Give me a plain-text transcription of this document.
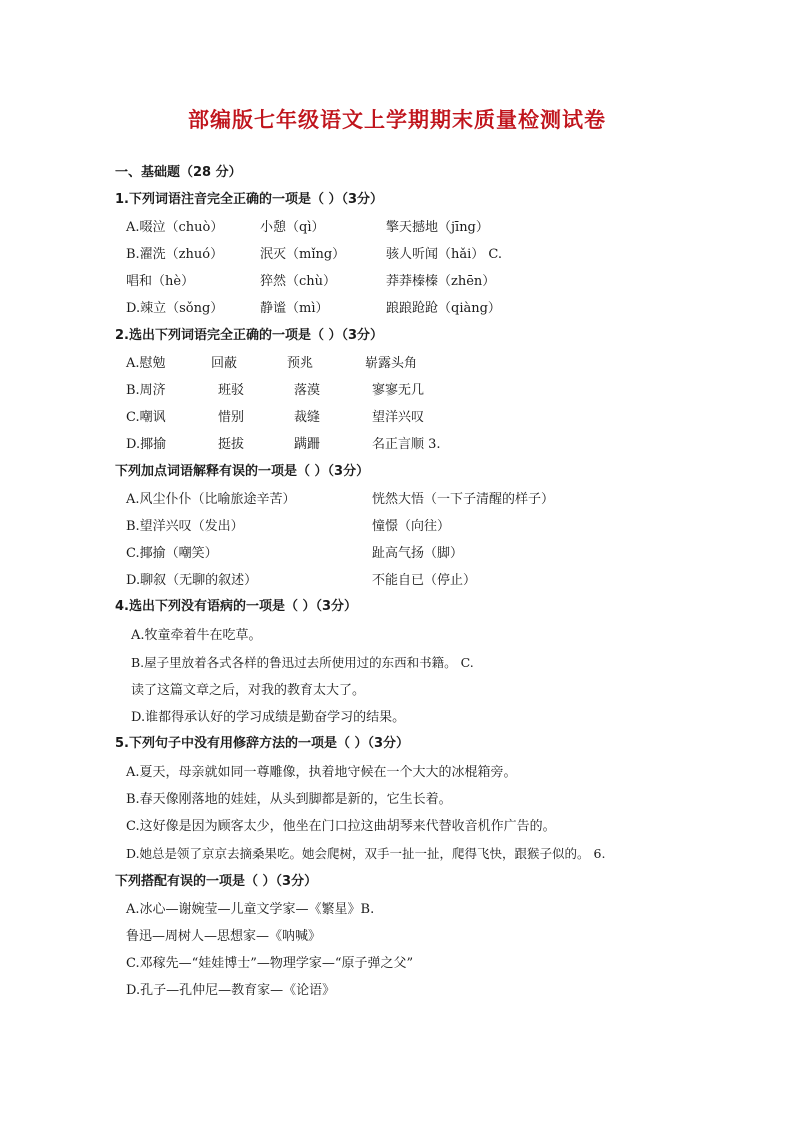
部编版七年级语文上学期期末质量检测试卷
一、基础题（28 分）
1.下列词语注音完全正确的一项是（ ）（3分）
A.啜泣（chuò）	小憩（qì）	擎天撼地（jīng）
B.濯洗（zhuó）	泯灭（mǐng）	骇人听闻（hǎi） C.
唱和（hè）	猝然（chù）	莽莽榛榛（zhēn）
D.竦立（sǒng）	静谧（mì）	踉踉跄跄（qiàng）
2.选出下列词语完全正确的一项是（ ）（3分）
A.慰勉	回蔽	预兆	崭露头角
B.周济	班驳	落漠	寥寥无几
C.嘲讽	惜别	裁缝	望洋兴叹
D.揶揄	挺拔	蹒跚	名正言顺 3.
下列加点词语解释有误的一项是（ ）（3分）
A.风尘仆仆（比喻旅途辛苦）	恍然大悟（一下子清醒的样子）
B.望洋兴叹（发出）	憧憬（向往）
C.揶揄（嘲笑）	趾高气扬（脚）
D.聊叙（无聊的叙述）	不能自已（停止）
4.选出下列没有语病的一项是（ ）（3分）
A.牧童牵着牛在吃草。
B.屋子里放着各式各样的鲁迅过去所使用过的东西和书籍。 C.
读了这篇文章之后，对我的教育太大了。
D.谁都得承认好的学习成绩是勤奋学习的结果。
5.下列句子中没有用修辞方法的一项是（ ）（3分）
A.夏天，母亲就如同一尊雕像，执着地守候在一个大大的冰棍箱旁。
B.春天像刚落地的娃娃，从头到脚都是新的，它生长着。
C.这好像是因为顾客太少，他坐在门口拉这曲胡琴来代替收音机作广告的。
D.她总是领了京京去摘桑果吃。她会爬树，双手一扯一扯，爬得飞快，跟猴子似的。 6.
下列搭配有误的一项是（ ）（3分）
A.冰心—谢婉莹—儿童文学家—《繁星》B.
鲁迅—周树人—思想家—《呐喊》
C.邓稼先—“娃娃博士”—物理学家—“原子弹之父”
D.孔子—孔仲尼—教育家—《论语》
